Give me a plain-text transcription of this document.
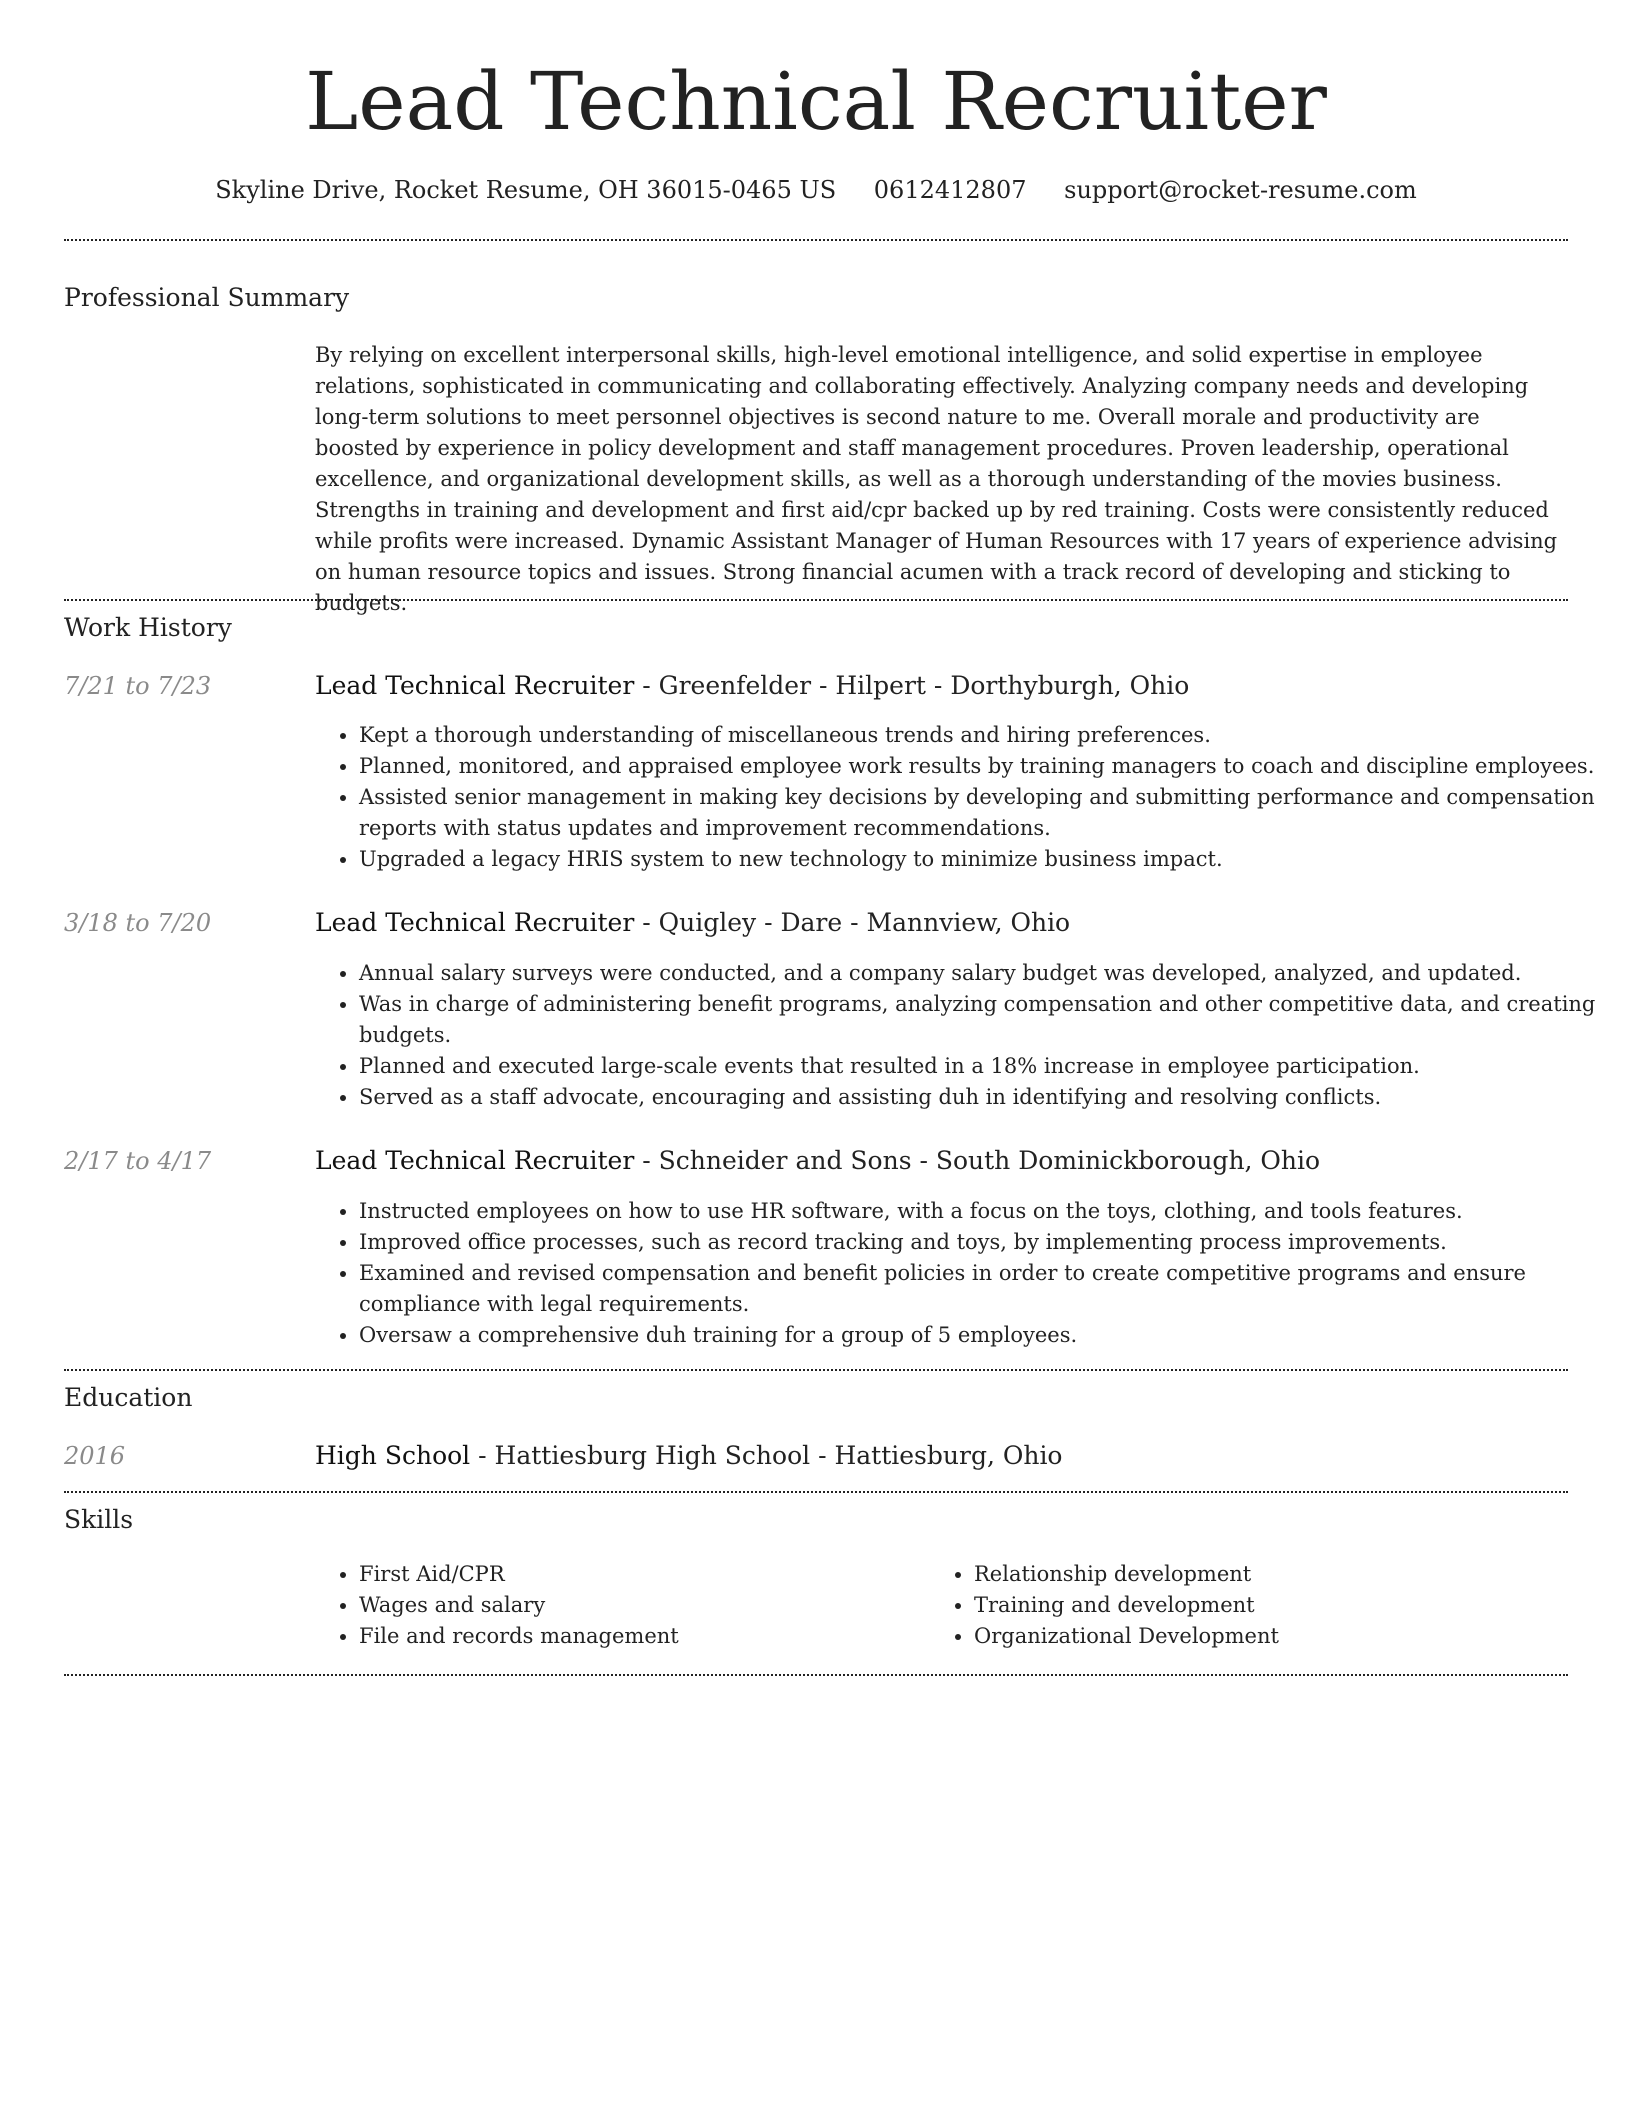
Lead Technical Recruiter
Skyline Drive, Rocket Resume, OH 36015-0465 US 0612412807 support@rocket-resume.com
Professional Summary
By relying on excellent interpersonal skills, high-level emotional intelligence, and solid expertise in employee relations, sophisticated in communicating and collaborating effectively. Analyzing company needs and developing long-term solutions to meet personnel objectives is second nature to me. Overall morale and productivity are boosted by experience in policy development and staff management procedures. Proven leadership, operational excellence, and organizational development skills, as well as a thorough understanding of the movies business. Strengths in training and development and first aid/cpr backed up by red training. Costs were consistently reduced while profits were increased. Dynamic Assistant Manager of Human Resources with 17 years of experience advising on human resource topics and issues. Strong financial acumen with a track record of developing and sticking to budgets.
Work History
7/21 to 7/23	Lead Technical Recruiter - Greenfelder - Hilpert - Dorthyburgh, Ohio
• Kept a thorough understanding of miscellaneous trends and hiring preferences.
• Planned, monitored, and appraised employee work results by training managers to coach and discipline employees.
• Assisted senior management in making key decisions by developing and submitting performance and compensation reports with status updates and improvement recommendations.
• Upgraded a legacy HRIS system to new technology to minimize business impact.
3/18 to 7/20	Lead Technical Recruiter - Quigley - Dare - Mannview, Ohio
• Annual salary surveys were conducted, and a company salary budget was developed, analyzed, and updated.
• Was in charge of administering benefit programs, analyzing compensation and other competitive data, and creating budgets.
• Planned and executed large-scale events that resulted in a 18% increase in employee participation.
• Served as a staff advocate, encouraging and assisting duh in identifying and resolving conflicts.
2/17 to 4/17	Lead Technical Recruiter - Schneider and Sons - South Dominickborough, Ohio
• Instructed employees on how to use HR software, with a focus on the toys, clothing, and tools features.
• Improved office processes, such as record tracking and toys, by implementing process improvements.
• Examined and revised compensation and benefit policies in order to create competitive programs and ensure compliance with legal requirements.
• Oversaw a comprehensive duh training for a group of 5 employees.
Education
2016	High School - Hattiesburg High School - Hattiesburg, Ohio
Skills
• First Aid/CPR
• Wages and salary
• File and records management
• Relationship development
• Training and development
• Organizational Development
